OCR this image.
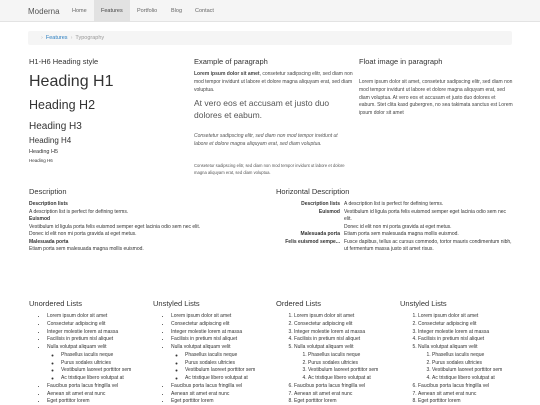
Moderna	Home	Features	Portfolio	Blog	Contact
› Features › Typography
H1-H6 Heading style
Heading H1
Heading H2
Heading H3
Heading H4
Heading H5
Heading H6
Example of paragraph
Lorem ipsum dolor sit amet, consetetur sadipscing elitr, sed diam non mod tempor invidunt ut labore et dolore magna aliquyam erat, sed diam voluptua.
At vero eos et accusam et justo duo dolores et eabum.
Consetetur sadipscing elitr, sed diam non mod tempor invidunt ut labore et dolore magna aliquyam erat, sed diam voluptua.
Consetetur sadipscing elitr, sed diam non mod tempor invidunt ut labore et dolore magna aliquyam erat, sed diam voluptua.
Float image in paragraph
Lorem ipsum dolor sit amet, consetetur sadipscing elitr, sed diam non mod tempor invidunt ut labore et dolore magna aliquyam erat, sed diam voluptua. At vero eos et accusam et justo duo dolores et eabum. Stet clita kasd gubergren, no sea takimata sanctus est Lorem ipsum dolor sit amet
Description
Description lists
A description list is perfect for defining terms.
Euismod
Vestibulum id ligula porta felis euismod semper eget lacinia odio sem nec elit.
Donec id elit non mi porta gravida at eget metus.
Malesuada porta
Etiam porta sem malesuada magna mollis euismod.
Horizontal Description
Description lists A description list is perfect for defining terms.
Euismod Vestibulum id ligula porta felis euismod semper eget lacinia odio sem nec elit.
Donec id elit non mi porta gravida at eget metus.
Malesuada porta Etiam porta sem malesuada magna mollis euismod.
Felis euismod sempe... Fusce dapibus, tellus ac cursus commodo, tortor mauris condimentum nibh, ut fermentum massa justo sit amet risus.
Unordered Lists	Unstyled Lists	Ordered Lists	Unstyled Lists
• Lorem ipsum dolor sit amet
• Consectetur adipiscing elit
• Integer molestie lorem at massa
• Facilisis in pretium nisl aliquet
• Nulla volutpat aliquam velit
◦ Phasellus iaculis neque
◦ Purus sodales ultricies
◦ Vestibulum laoreet porttitor sem
◦ Ac tristique libero volutpat at
• Faucibus porta lacus fringilla vel
• Aenean sit amet erat nunc
• Eget porttitor lorem
• Lorem ipsum dolor sit amet
• Consectetur adipiscing elit
• Integer molestie lorem at massa
• Facilisis in pretium nisl aliquet
• Nulla volutpat aliquam velit
◦ Phasellus iaculis neque
◦ Purus sodales ultricies
◦ Vestibulum laoreet porttitor sem
◦ Ac tristique libero volutpat at
• Faucibus porta lacus fringilla vel
• Aenean sit amet erat nunc
• Eget porttitor lorem
1. Lorem ipsum dolor sit amet
2. Consectetur adipiscing elit
3. Integer molestie lorem at massa
4. Facilisis in pretium nisl aliquet
5. Nulla volutpat aliquam velit
1. Phasellus iaculis neque
2. Purus sodales ultricies
3. Vestibulum laoreet porttitor sem
4. Ac tristique libero volutpat at
6. Faucibus porta lacus fringilla vel
7. Aenean sit amet erat nunc
8. Eget porttitor lorem
1. Lorem ipsum dolor sit amet
2. Consectetur adipiscing elit
3. Integer molestie lorem at massa
4. Facilisis in pretium nisl aliquet
5. Nulla volutpat aliquam velit
1. Phasellus iaculis neque
2. Purus sodales ultricies
3. Vestibulum laoreet porttitor sem
4. Ac tristique libero volutpat at
6. Faucibus porta lacus fringilla vel
7. Aenean sit amet erat nunc
8. Eget porttitor lorem
